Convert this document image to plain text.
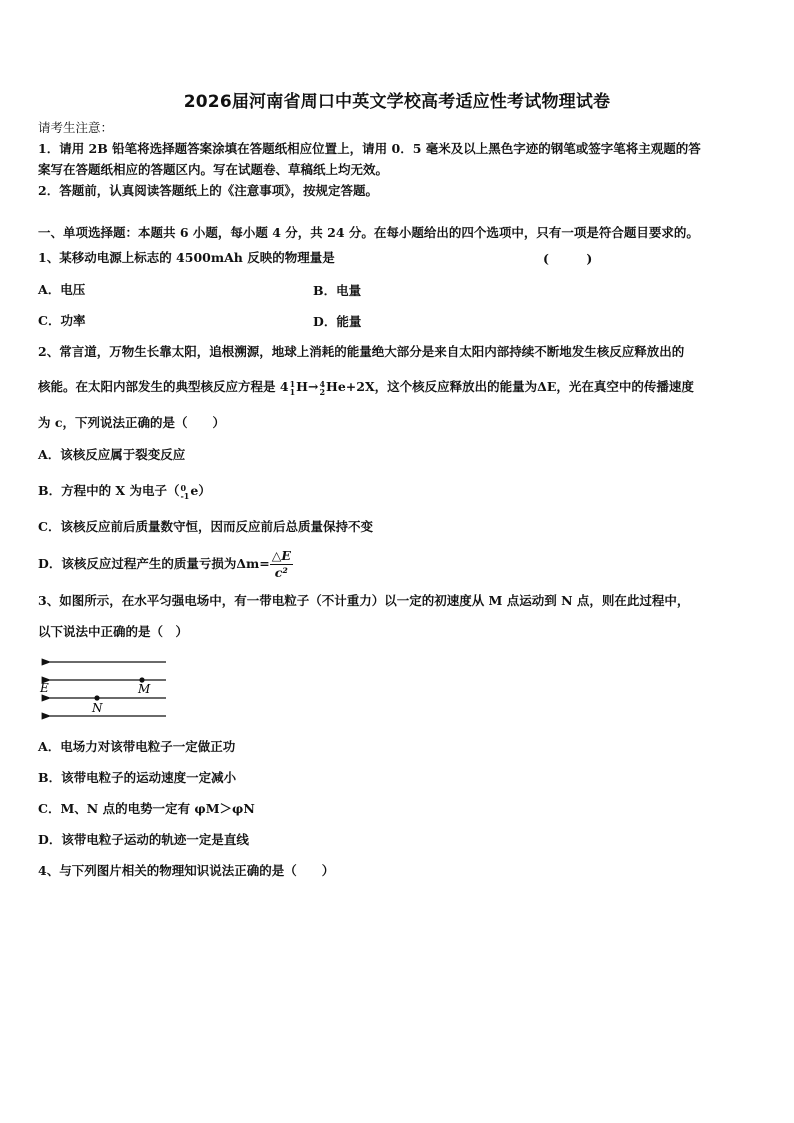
2026届河南省周口中英文学校高考适应性考试物理试卷
请考生注意：
1．请用 2B 铅笔将选择题答案涂填在答题纸相应位置上，请用 0．5 毫米及以上黑色字迹的钢笔或签字笔将主观题的答
案写在答题纸相应的答题区内。写在试题卷、草稿纸上均无效。
2．答题前，认真阅读答题纸上的《注意事项》，按规定答题。
一、单项选择题：本题共 6 小题，每小题 4 分，共 24 分。在每小题给出的四个选项中，只有一项是符合题目要求的。
1、某移动电源上标志的 4500mAh 反映的物理量是	(　　　)
A．电压	B．电量
C．功率	D．能量
2、常言道，万物生长靠太阳，追根溯源，地球上消耗的能量绝大部分是来自太阳内部持续不断地发生核反应释放出的
核能。在太阳内部发生的典型核反应方程是 4 1
1 H→ 4
2 He+2X，这个核反应释放出的能量为ΔE，光在真空中的传播速度
为 c，下列说法正确的是（　　）
A．该核反应属于裂变反应
B．方程中的 X 为电子（ 0
-1 e）
C．该核反应前后质量数守恒，因而反应前后总质量保持不变
D．该核反应过程产生的质量亏损为$\Delta m= \frac{\triangle E}{\text{c²}}$
3、如图所示，在水平匀强电场中，有一带电粒子（不计重力）以一定的初速度从 M 点运动到 N 点，则在此过程中，
以下说法中正确的是（　）
E	M
N
A．电场力对该带电粒子一定做正功
B．该带电粒子的运动速度一定减小
C．M、N 点的电势一定有 φM＞φN
D．该带电粒子运动的轨迹一定是直线
4、与下列图片相关的物理知识说法正确的是（　　）
